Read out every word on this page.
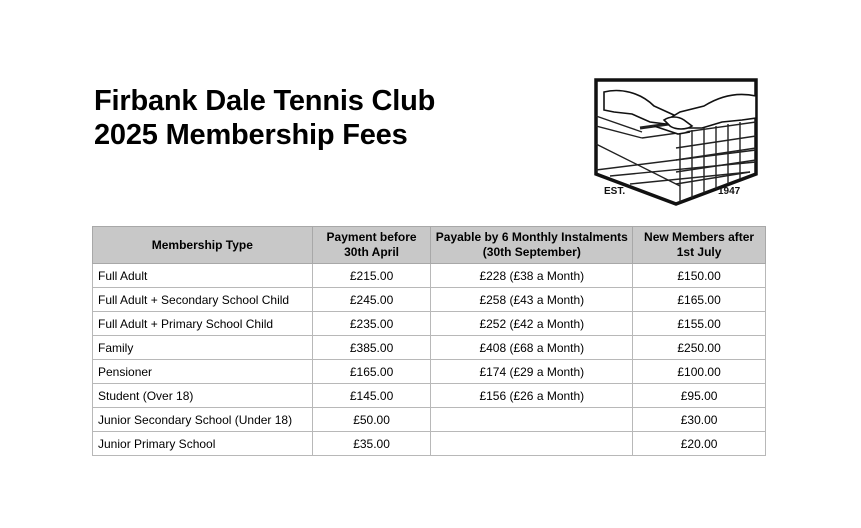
Firbank Dale Tennis Club
2025 Membership Fees
EST.	1947
Membership Type	Payment before 30th April	Payable by 6 Monthly Instalments (30th September)	New Members after 1st July
Full Adult	£215.00	£228 (£38 a Month)	£150.00
Full Adult + Secondary School Child	£245.00	£258 (£43 a Month)	£165.00
Full Adult + Primary School Child	£235.00	£252 (£42 a Month)	£155.00
Family	£385.00	£408 (£68 a Month)	£250.00
Pensioner	£165.00	£174 (£29 a Month)	£100.00
Student (Over 18)	£145.00	£156 (£26 a Month)	£95.00
Junior Secondary School (Under 18)	£50.00		£30.00
Junior Primary School	£35.00		£20.00
